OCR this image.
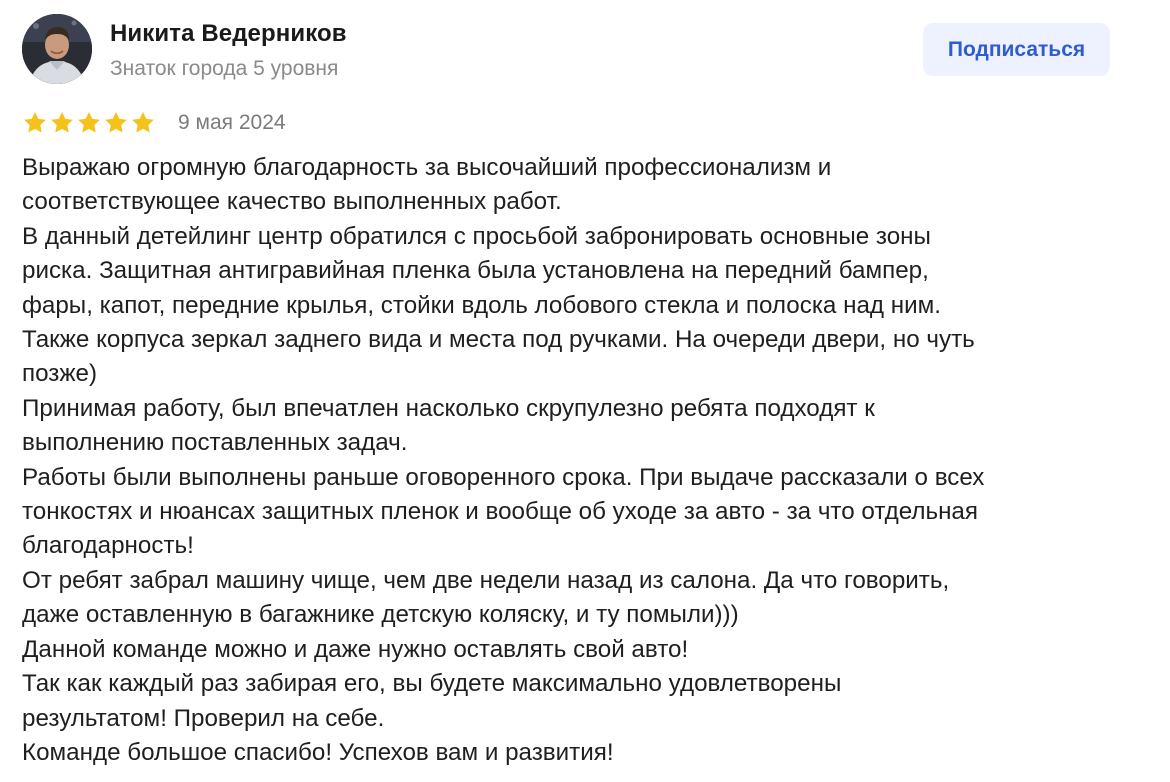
Никита Ведерников
Знаток города 5 уровня
Подписаться
9 мая 2024
Выражаю огромную благодарность за высочайший профессионализм и
соответствующее качество выполненных работ.
В данный детейлинг центр обратился с просьбой забронировать основные зоны
риска. Защитная антигравийная пленка была установлена на передний бампер,
фары, капот, передние крылья, стойки вдоль лобового стекла и полоска над ним.
Также корпуса зеркал заднего вида и места под ручками. На очереди двери, но чуть
позже)
Принимая работу, был впечатлен насколько скрупулезно ребята подходят к
выполнению поставленных задач.
Работы были выполнены раньше оговоренного срока. При выдаче рассказали о всех
тонкостях и нюансах защитных пленок и вообще об уходе за авто - за что отдельная
благодарность!
От ребят забрал машину чище, чем две недели назад из салона. Да что говорить,
даже оставленную в багажнике детскую коляску, и ту помыли)))
Данной команде можно и даже нужно оставлять свой авто!
Так как каждый раз забирая его, вы будете максимально удовлетворены
результатом! Проверил на себе.
Команде большое спасибо! Успехов вам и развития!
